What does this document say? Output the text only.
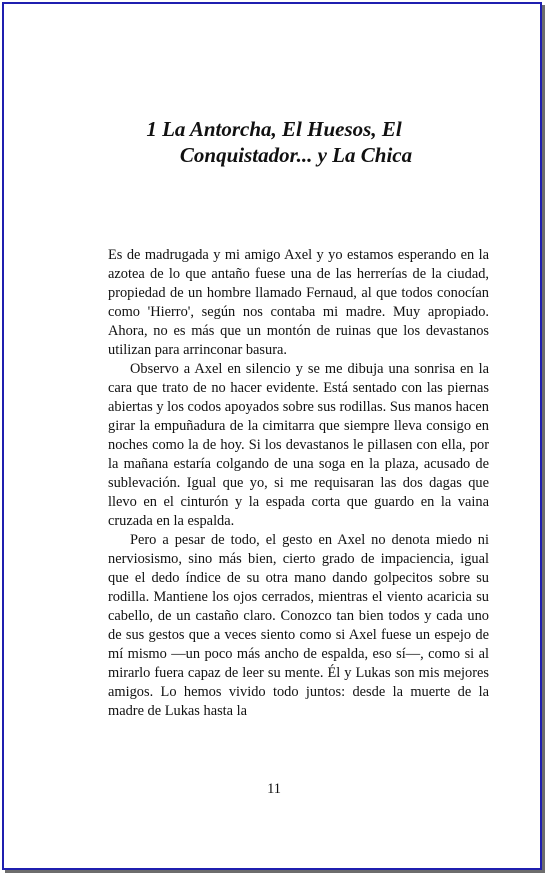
1 La Antorcha, El Huesos, El
Conquistador... y La Chica

Es de madrugada y mi amigo Axel y yo estamos esperando en la azotea de lo que antaño fuese una de las herrerías de la ciudad, propiedad de un hombre llamado Fernaud, al que todos conocían como 'Hierro', según nos contaba mi madre. Muy apropiado. Ahora, no es más que un montón de ruinas que los devastanos utilizan para arrinconar basura.

Observo a Axel en silencio y se me dibuja una sonrisa en la cara que trato de no hacer evidente. Está sentado con las piernas abiertas y los codos apoyados sobre sus rodillas. Sus manos hacen girar la empuñadura de la cimitarra que siempre lleva consigo en noches como la de hoy. Si los devastanos le pillasen con ella, por la mañana estaría colgando de una soga en la plaza, acusado de sublevación. Igual que yo, si me requisaran las dos dagas que llevo en el cinturón y la espada corta que guardo en la vaina cruzada en la espalda.

Pero a pesar de todo, el gesto en Axel no denota miedo ni nerviosismo, sino más bien, cierto grado de impaciencia, igual que el dedo índice de su otra mano dando golpecitos sobre su rodilla. Mantiene los ojos cerrados, mientras el viento acaricia su cabello, de un castaño claro. Conozco tan bien todos y cada uno de sus gestos que a veces siento como si Axel fuese un espejo de mí mismo —un poco más ancho de espalda, eso sí—, como si al mirarlo fuera capaz de leer su mente. Él y Lukas son mis mejores amigos. Lo hemos vivido todo juntos: desde la muerte de la madre de Lukas hasta la

11
